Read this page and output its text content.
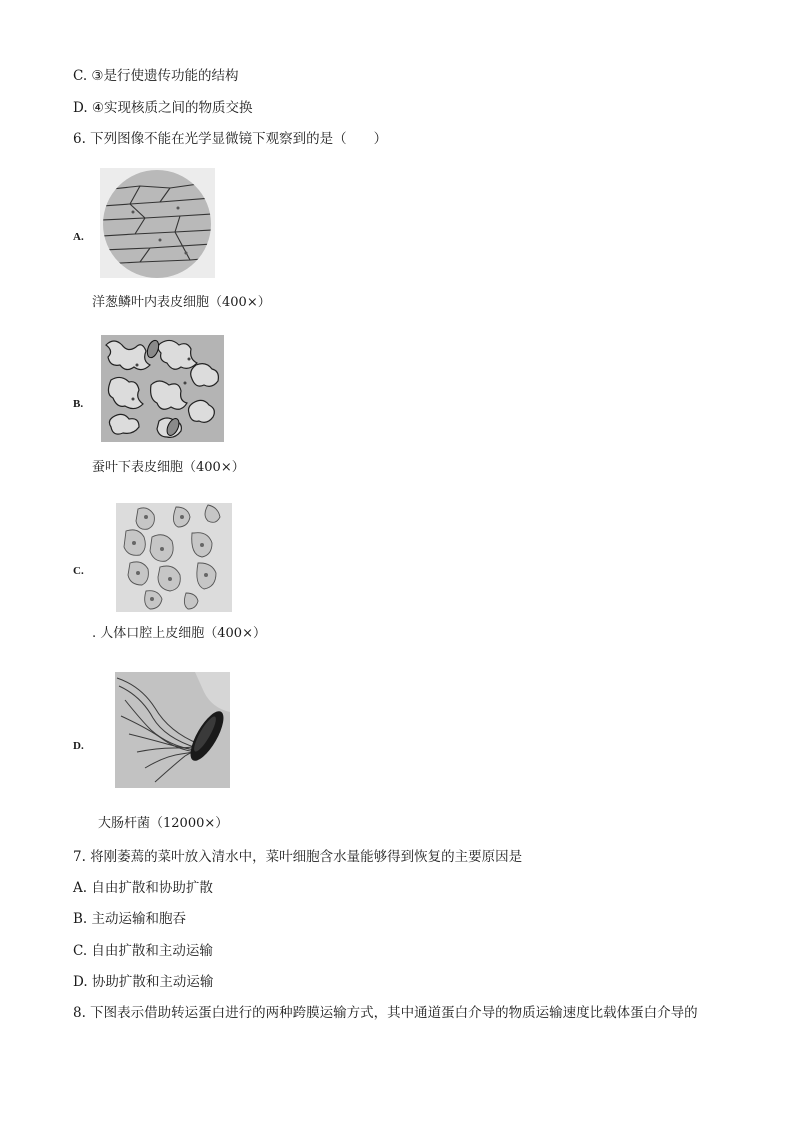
C. ③是行使遗传功能的结构
D. ④实现核质之间的物质交换
6. 下列图像不能在光学显微镜下观察到的是（　　）
A.
洋葱鳞叶内表皮细胞（400×）
B.
蚕叶下表皮细胞（400×）
C.
. 人体口腔上皮细胞（400×）
D.
大肠杆菌（12000×）
7. 将刚萎蔫的菜叶放入清水中，菜叶细胞含水量能够得到恢复的主要原因是
A. 自由扩散和协助扩散
B. 主动运输和胞吞
C. 自由扩散和主动运输
D. 协助扩散和主动运输
8. 下图表示借助转运蛋白进行的两种跨膜运输方式，其中通道蛋白介导的物质运输速度比载体蛋白介导的
